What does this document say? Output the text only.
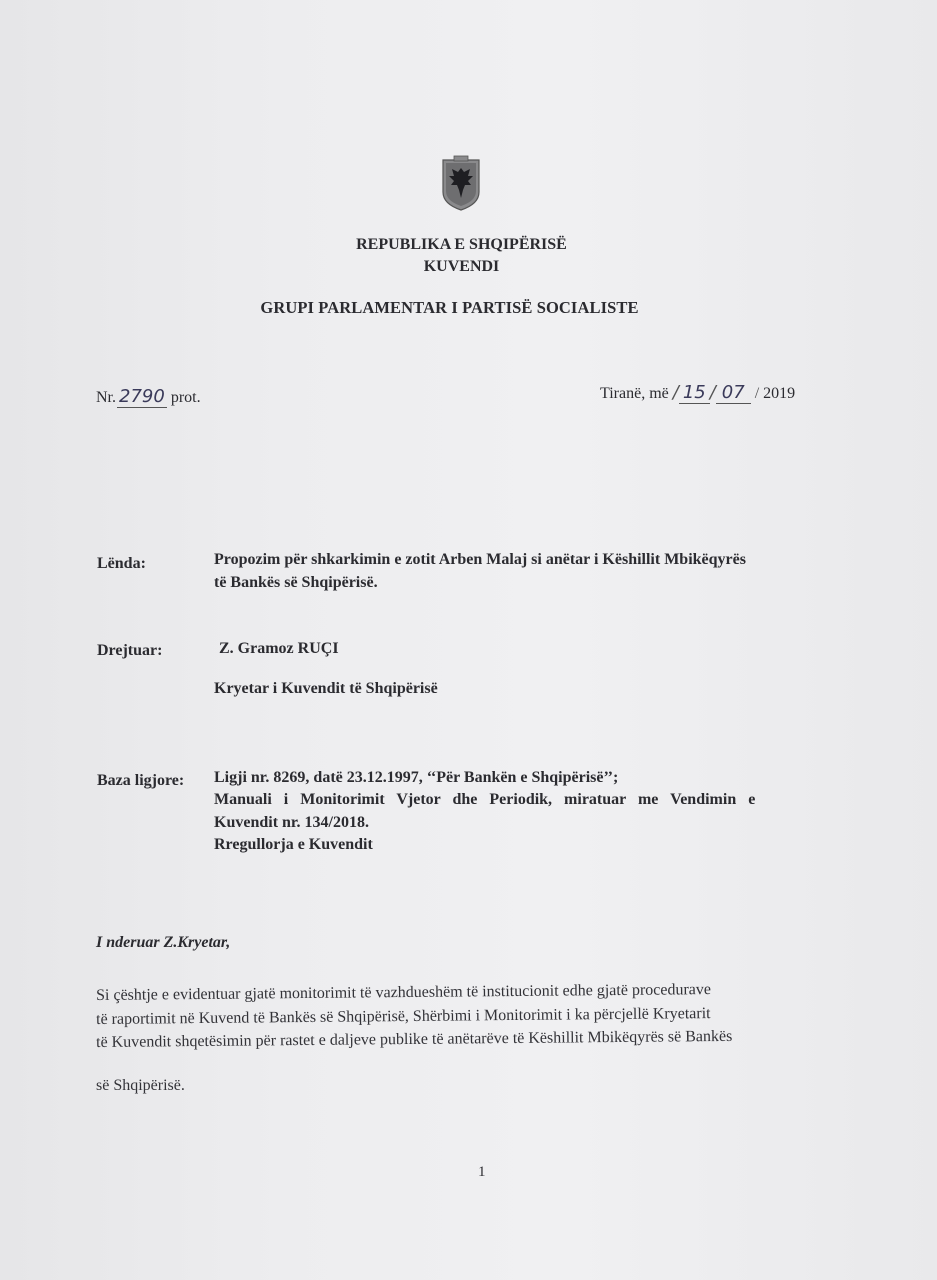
REPUBLIKA E SHQIPËRISË
KUVENDI
GRUPI PARLAMENTAR I PARTISË SOCIALISTE
Nr. 2790 prot.	Tiranë, më / 15 / 07 / 2019
Lënda:	Propozim për shkarkimin e zotit Arben Malaj si anëtar i Këshillit Mbikëqyrës
të Bankës së Shqipërisë.
Drejtuar:	Z. Gramoz RUÇI
Kryetar i Kuvendit të Shqipërisë
Baza ligjore: Ligji nr. 8269, datë 23.12.1997, ‘‘Për Bankën e Shqipërisë’’;
Manuali i Monitorimit Vjetor dhe Periodik, miratuar me Vendimin e
Kuvendit nr. 134/2018.
Rregullorja e Kuvendit
I nderuar Z.Kryetar,
Si çështje e evidentuar gjatë monitorimit të vazhdueshëm të institucionit edhe gjatë procedurave
të raportimit në Kuvend të Bankës së Shqipërisë, Shërbimi i Monitorimit i ka përcjellë Kryetarit
të Kuvendit shqetësimin për rastet e daljeve publike të anëtarëve të Këshillit Mbikëqyrës së Bankës
së Shqipërisë.
1
